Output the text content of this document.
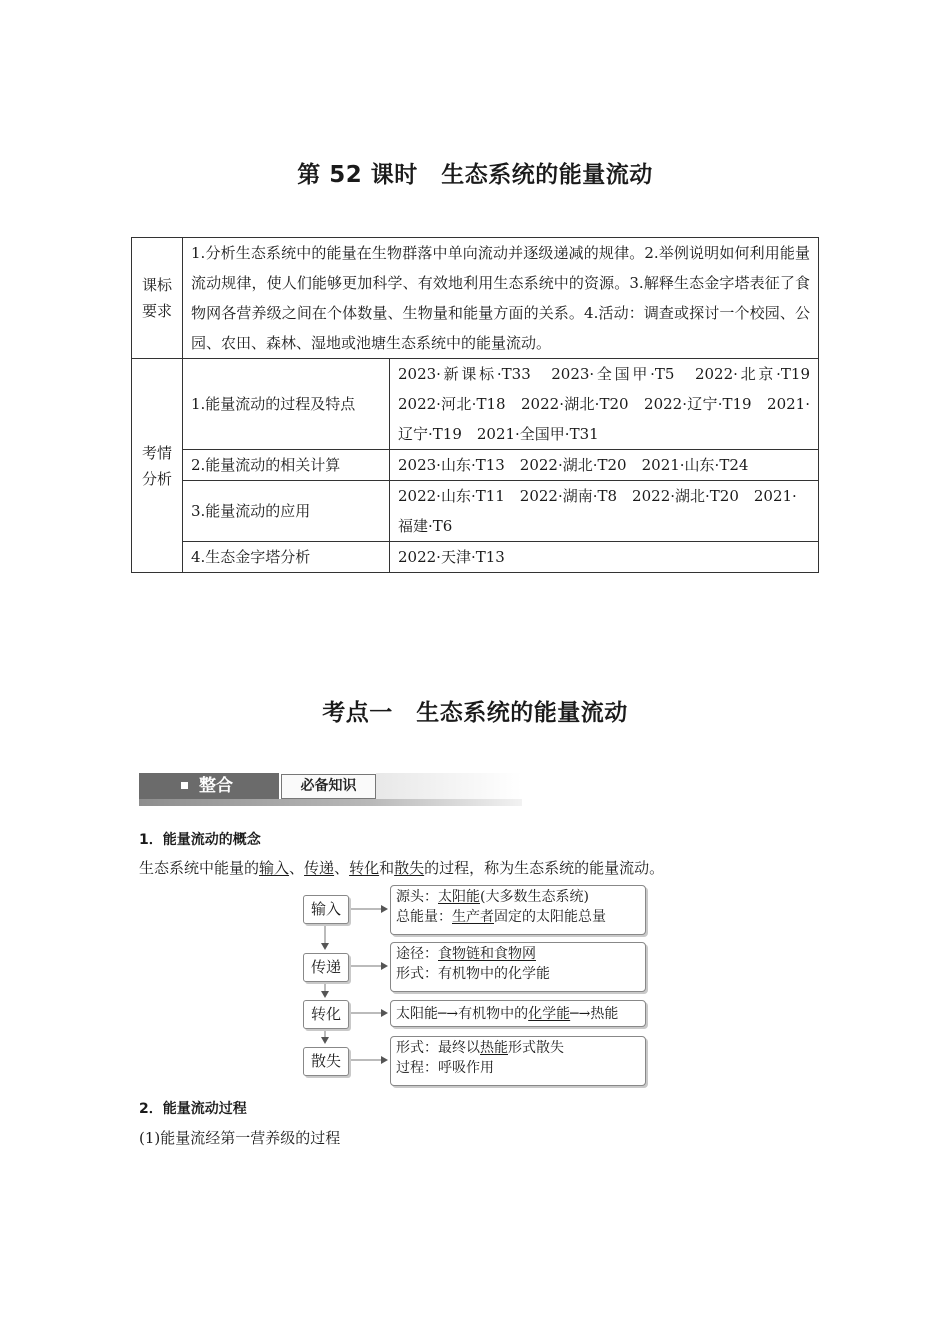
第 52 课时　生态系统的能量流动
课标
要求	1.分析生态系统中的能量在生物群落中单向流动并逐级递减的规律。2.举例说明如何利用能量流动规律，使人们能够更加科学、有效地利用生态系统中的资源。3.解释生态金字塔表征了食物网各营养级之间在个体数量、生物量和能量方面的关系。4.活动：调查或探讨一个校园、公园、农田、森林、湿地或池塘生态系统中的能量流动。	
考情
分析	1.能量流动的过程及特点	2023·新课标·T33　2023·全国甲·T5　2022·北京·T19　2022·河北·T18　2022·湖北·T20　2022·辽宁·T19　2021·辽宁·T19　2021·全国甲·T31
	2.能量流动的相关计算	2023·山东·T13　2022·湖北·T20　2021·山东·T24
	3.能量流动的应用	2022·山东·T11　2022·湖南·T8　2022·湖北·T20　2021·福建·T6
	4.生态金字塔分析	2022·天津·T13
考点一　生态系统的能量流动
整合	必备知识
1．能量流动的概念
生态系统中能量的输入、传递、转化和散失的过程，称为生态系统的能量流动。
输入
源头：太阳能(大多数生态系统)
总能量：生产者固定的太阳能总量
传递
途径：食物链和食物网
形式：有机物中的化学能
转化	太阳能─→有机物中的化学能─→热能
散失
形式：最终以热能形式散失
过程：呼吸作用
2．能量流动过程
(1)能量流经第一营养级的过程
